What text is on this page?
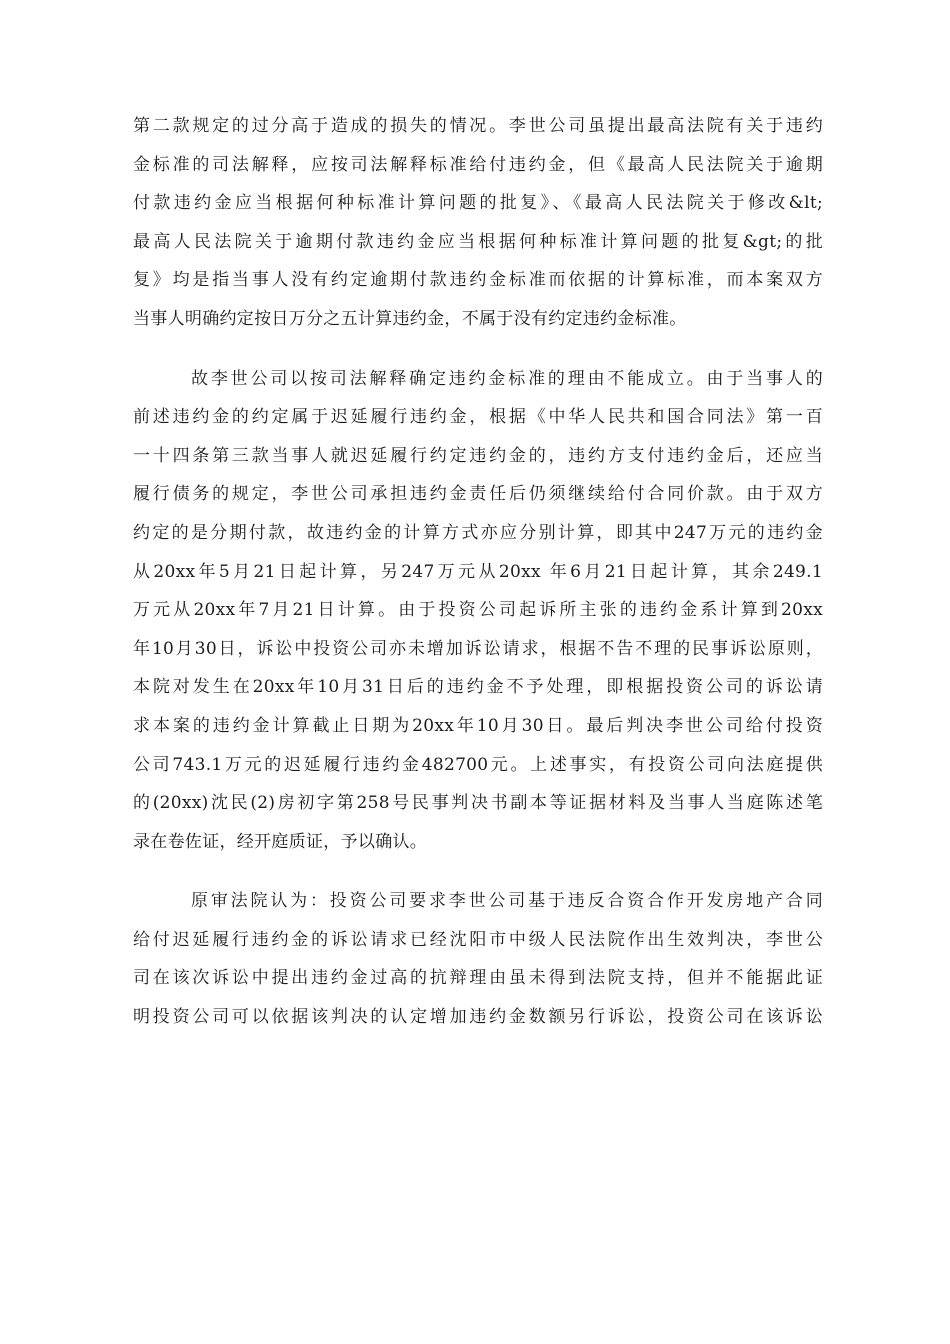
第二款规定的过分高于造成的损失的情况。李世公司虽提出最高法院有关于违约
金标准的司法解释，应按司法解释标准给付违约金，但《最高人民法院关于逾期
付款违约金应当根据何种标准计算问题的批复》、《最高人民法院关于修改&lt;
最高人民法院关于逾期付款违约金应当根据何种标准计算问题的批复&gt;的批
复》均是指当事人没有约定逾期付款违约金标准而依据的计算标准，而本案双方
当事人明确约定按日万分之五计算违约金，不属于没有约定违约金标准。
故李世公司以按司法解释确定违约金标准的理由不能成立。由于当事人的
前述违约金的约定属于迟延履行违约金，根据《中华人民共和国合同法》第一百
一十四条第三款当事人就迟延履行约定违约金的，违约方支付违约金后，还应当
履行债务的规定，李世公司承担违约金责任后仍须继续给付合同价款。由于双方
约定的是分期付款，故违约金的计算方式亦应分别计算，即其中247万元的违约金
从20xx年5月21日起计算，另247万元从20xx 年6月21日起计算，其余249.1
万元从20xx年7月21日计算。由于投资公司起诉所主张的违约金系计算到20xx
年10月30日，诉讼中投资公司亦未增加诉讼请求，根据不告不理的民事诉讼原则，
本院对发生在20xx年10月31日后的违约金不予处理，即根据投资公司的诉讼请
求本案的违约金计算截止日期为20xx年10月30日。最后判决李世公司给付投资
公司743.1万元的迟延履行违约金482700元。上述事实，有投资公司向法庭提供
的(20xx)沈民(2)房初字第258号民事判决书副本等证据材料及当事人当庭陈述笔
录在卷佐证，经开庭质证，予以确认。
原审法院认为：投资公司要求李世公司基于违反合资合作开发房地产合同
给付迟延履行违约金的诉讼请求已经沈阳市中级人民法院作出生效判决，李世公
司在该次诉讼中提出违约金过高的抗辩理由虽未得到法院支持，但并不能据此证
明投资公司可以依据该判决的认定增加违约金数额另行诉讼，投资公司在该诉讼
